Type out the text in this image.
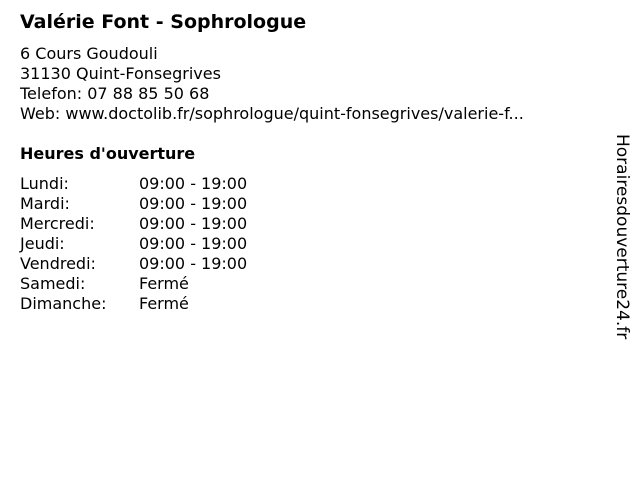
Valérie Font - Sophrologue
6 Cours Goudouli
31130 Quint-Fonsegrives
Telefon: 07 88 85 50 68
Web: www.doctolib.fr/sophrologue/quint-fonsegrives/valerie-f...
Heures d'ouverture
Lundi:	09:00 - 19:00
Mardi:	09:00 - 19:00
Mercredi:	09:00 - 19:00
Jeudi:	09:00 - 19:00
Vendredi:	09:00 - 19:00
Samedi:	Fermé
Dimanche:	Fermé	Horairesdouverture24.fr
